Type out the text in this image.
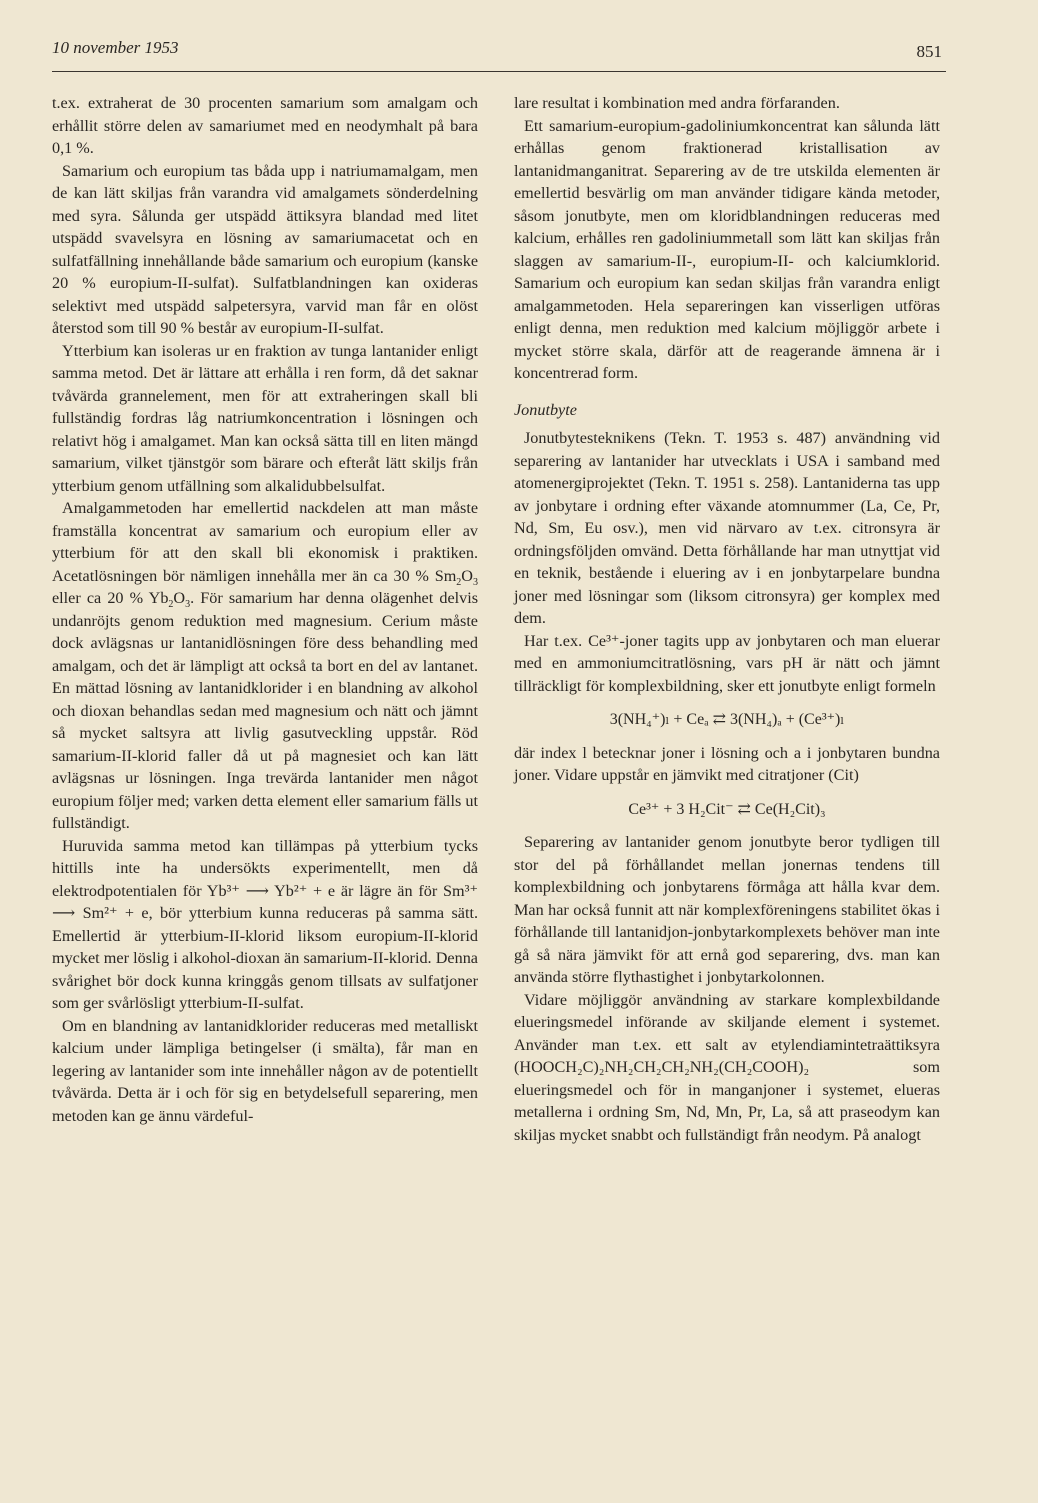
10 november 1953	851

t.ex. extraherat de 30 procenten samarium som amalgam och erhållit större delen av samariumet med en neodymhalt på bara 0,1 %.

Samarium och europium tas båda upp i natriumamalgam, men de kan lätt skiljas från varandra vid amalgamets sönderdelning med syra. Sålunda ger utspädd ättiksyra blandad med litet utspädd svavelsyra en lösning av samariumacetat och en sulfatfällning innehållande både samarium och europium (kanske 20 % europium-II-sulfat). Sulfatblandningen kan oxideras selektivt med utspädd salpetersyra, varvid man får en olöst återstod som till 90 % består av europium-II-sulfat.

Ytterbium kan isoleras ur en fraktion av tunga lantanider enligt samma metod. Det är lättare att erhålla i ren form, då det saknar tvåvärda grannelement, men för att extraheringen skall bli fullständig fordras låg natriumkoncentration i lösningen och relativt hög i amalgamet. Man kan också sätta till en liten mängd samarium, vilket tjänstgör som bärare och efteråt lätt skiljs från ytterbium genom utfällning som alkalidubbelsulfat.

Amalgammetoden har emellertid nackdelen att man måste framställa koncentrat av samarium och europium eller av ytterbium för att den skall bli ekonomisk i praktiken. Acetatlösningen bör nämligen innehålla mer än ca 30 % $Sm_2O_3$ eller ca 20 % $Yb_2O_3$. För samarium har denna olägenhet delvis undanröjts genom reduktion med magnesium. Cerium måste dock avlägsnas ur lantanidlösningen före dess behandling med amalgam, och det är lämpligt att också ta bort en del av lantanet. En mättad lösning av lantanidklorider i en blandning av alkohol och dioxan behandlas sedan med magnesium och nätt och jämnt så mycket saltsyra att livlig gasutveckling uppstår. Röd samarium-II-klorid faller då ut på magnesiet och kan lätt avlägsnas ur lösningen. Inga trevärda lantanider men något europium följer med; varken detta element eller samarium fälls ut fullständigt.

Huruvida samma metod kan tillämpas på ytterbium tycks hittills inte ha undersökts experimentellt, men då elektrodpotentialen för Yb³⁺ ⟶ Yb²⁺ + e är lägre än för Sm³⁺ ⟶ Sm²⁺ + e, bör ytterbium kunna reduceras på samma sätt. Emellertid är ytterbium-II-klorid liksom europium-II-klorid mycket mer löslig i alkohol-dioxan än samarium-II-klorid. Denna svårighet bör dock kunna kringgås genom tillsats av sulfatjoner som ger svårlösligt ytterbium-II-sulfat.

Om en blandning av lantanidklorider reduceras med metalliskt kalcium under lämpliga betingelser (i smälta), får man en legering av lantanider som inte innehåller någon av de potentiellt tvåvärda. Detta är i och för sig en betydelsefull separering, men metoden kan ge ännu värdeful-

lare resultat i kombination med andra förfaranden.

Ett samarium-europium-gadoliniumkoncentrat kan sålunda lätt erhållas genom fraktionerad kristallisation av lantanidmanganitrat. Separering av de tre utskilda elementen är emellertid besvärlig om man använder tidigare kända metoder, såsom jonutbyte, men om kloridblandningen reduceras med kalcium, erhålles ren gadoliniummetall som lätt kan skiljas från slaggen av samarium-II-, europium-II- och kalciumklorid. Samarium och europium kan sedan skiljas från varandra enligt amalgammetoden. Hela separeringen kan visserligen utföras enligt denna, men reduktion med kalcium möjliggör arbete i mycket större skala, därför att de reagerande ämnena är i koncentrerad form.

Jonutbyte

Jonutbytesteknikens (Tekn. T. 1953 s. 487) användning vid separering av lantanider har utvecklats i USA i samband med atomenergiprojektet (Tekn. T. 1951 s. 258). Lantaniderna tas upp av jonbytare i ordning efter växande atomnummer (La, Ce, Pr, Nd, Sm, Eu osv.), men vid närvaro av t.ex. citronsyra är ordningsföljden omvänd. Detta förhållande har man utnyttjat vid en teknik, bestående i eluering av i en jonbytarpelare bundna joner med lösningar som (liksom citronsyra) ger komplex med dem.

Har t.ex. Ce³⁺-joner tagits upp av jonbytaren och man eluerar med en ammoniumcitratlösning, vars pH är nätt och jämnt tillräckligt för komplexbildning, sker ett jonutbyte enligt formeln

3(NH₄⁺)ₗ + Ceₐ ⇄ 3(NH₄)ₐ + (Ce³⁺)ₗ

där index l betecknar joner i lösning och a i jonbytaren bundna joner. Vidare uppstår en jämvikt med citratjoner (Cit)

Ce³⁺ + 3 H₂Cit⁻ ⇄ Ce(H₂Cit)₃

Separering av lantanider genom jonutbyte beror tydligen till stor del på förhållandet mellan jonernas tendens till komplexbildning och jonbytarens förmåga att hålla kvar dem. Man har också funnit att när komplexföreningens stabilitet ökas i förhållande till lantanidjon-jonbytarkomplexets behöver man inte gå så nära jämvikt för att ernå god separering, dvs. man kan använda större flythastighet i jonbytarkolonnen.

Vidare möjliggör användning av starkare komplexbildande elueringsmedel införande av skiljande element i systemet. Använder man t.ex. ett salt av etylendiamintetraättiksyra (HOOCH₂C)₂NH₂CH₂CH₂NH₂(CH₂COOH)₂ som elueringsmedel och för in manganjoner i systemet, elueras metallerna i ordning Sm, Nd, Mn, Pr, La, så att praseodym kan skiljas mycket snabbt och fullständigt från neodym. På analogt
